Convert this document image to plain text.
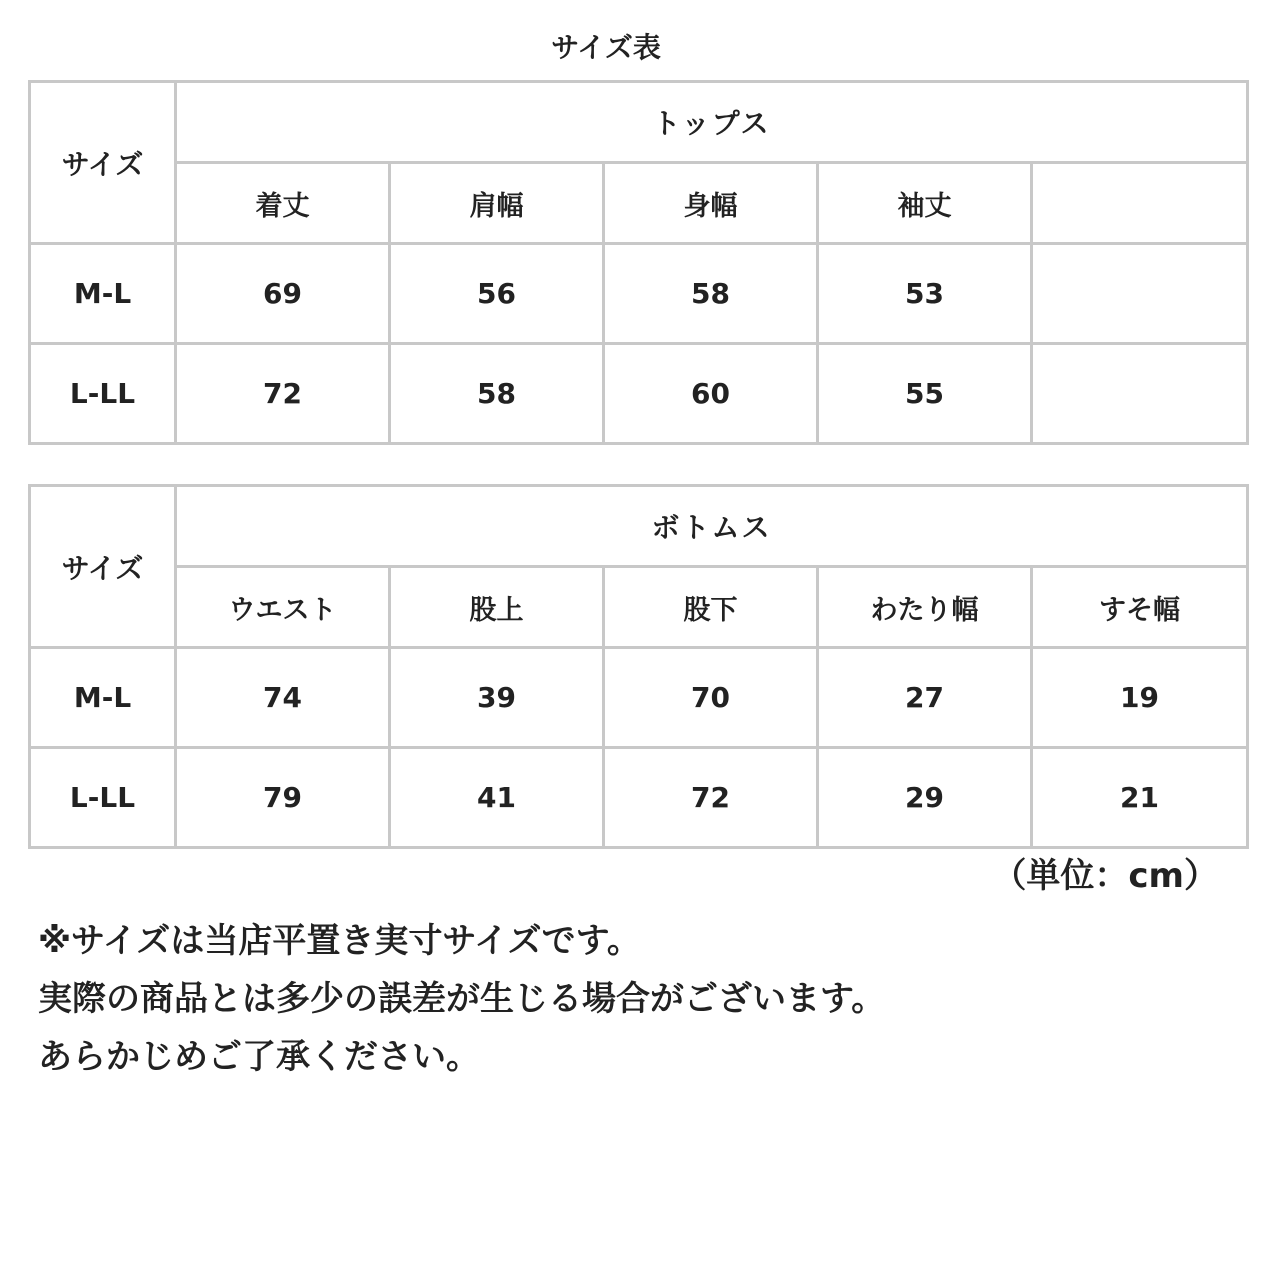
サイズ表
サイズ	トップス				
	着丈	肩幅	身幅	袖丈	
M-L	69	56	58	53	
L-LL	72	58	60	55	
サイズ	ボトムス				
	ウエスト	股上	股下	わたり幅	すそ幅
M-L	74	39	70	27	19
L-LL	79	41	72	29	21
（単位：cm）
※サイズは当店平置き実寸サイズです。
実際の商品とは多少の誤差が生じる場合がございます。
あらかじめご了承ください。
